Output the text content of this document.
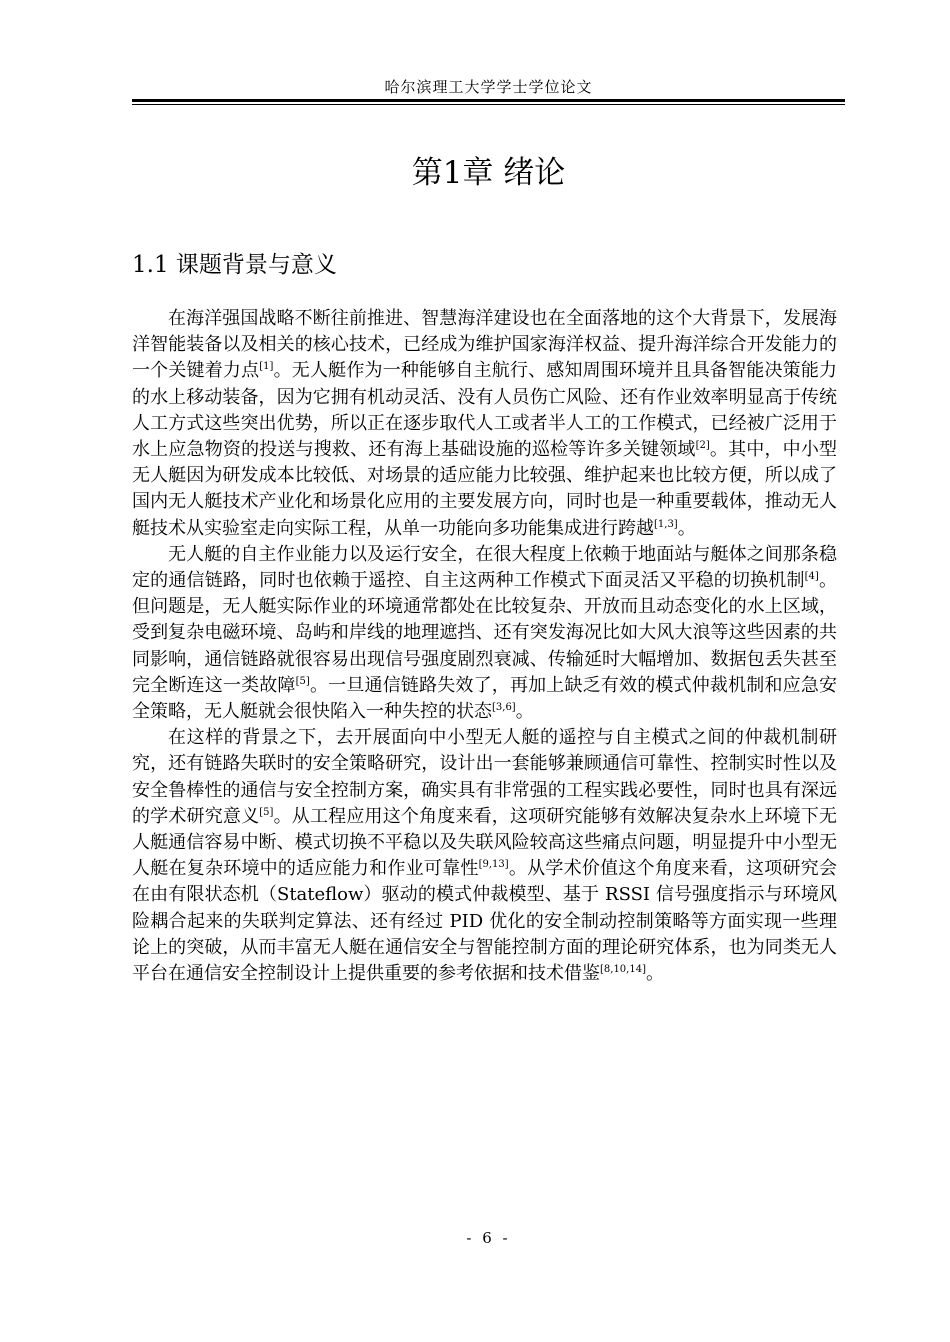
哈尔滨理工大学学士学位论文
第1章 绪论
1.1 课题背景与意义

在海洋强国战略不断往前推进、智慧海洋建设也在全面落地的这个大背景下，发展海洋智能装备以及相关的核心技术，已经成为维护国家海洋权益、提升海洋综合开发能力的一个关键着力点[1]。无人艇作为一种能够自主航行、感知周围环境并且具备智能决策能力的水上移动装备，因为它拥有机动灵活、没有人员伤亡风险、还有作业效率明显高于传统人工方式这些突出优势，所以正在逐步取代人工或者半人工的工作模式，已经被广泛用于水上应急物资的投送与搜救、还有海上基础设施的巡检等许多关键领域[2]。其中，中小型无人艇因为研发成本比较低、对场景的适应能力比较强、维护起来也比较方便，所以成了国内无人艇技术产业化和场景化应用的主要发展方向，同时也是一种重要载体，推动无人艇技术从实验室走向实际工程，从单一功能向多功能集成进行跨越[1,3]。

无人艇的自主作业能力以及运行安全，在很大程度上依赖于地面站与艇体之间那条稳定的通信链路，同时也依赖于遥控、自主这两种工作模式下面灵活又平稳的切换机制[4]。但问题是，无人艇实际作业的环境通常都处在比较复杂、开放而且动态变化的水上区域，受到复杂电磁环境、岛屿和岸线的地理遮挡、还有突发海况比如大风大浪等这些因素的共同影响，通信链路就很容易出现信号强度剧烈衰减、传输延时大幅增加、数据包丢失甚至完全断连这一类故障[5]。一旦通信链路失效了，再加上缺乏有效的模式仲裁机制和应急安全策略，无人艇就会很快陷入一种失控的状态[3,6]。

在这样的背景之下，去开展面向中小型无人艇的遥控与自主模式之间的仲裁机制研究，还有链路失联时的安全策略研究，设计出一套能够兼顾通信可靠性、控制实时性以及安全鲁棒性的通信与安全控制方案，确实具有非常强的工程实践必要性，同时也具有深远的学术研究意义[5]。从工程应用这个角度来看，这项研究能够有效解决复杂水上环境下无人艇通信容易中断、模式切换不平稳以及失联风险较高这些痛点问题，明显提升中小型无人艇在复杂环境中的适应能力和作业可靠性[9,13]。从学术价值这个角度来看，这项研究会在由有限状态机（Stateflow）驱动的模式仲裁模型、基于 RSSI 信号强度指示与环境风险耦合起来的失联判定算法、还有经过 PID 优化的安全制动控制策略等方面实现一些理论上的突破，从而丰富无人艇在通信安全与智能控制方面的理论研究体系，也为同类无人平台在通信安全控制设计上提供重要的参考依据和技术借鉴[8,10,14]。

- 6 -
